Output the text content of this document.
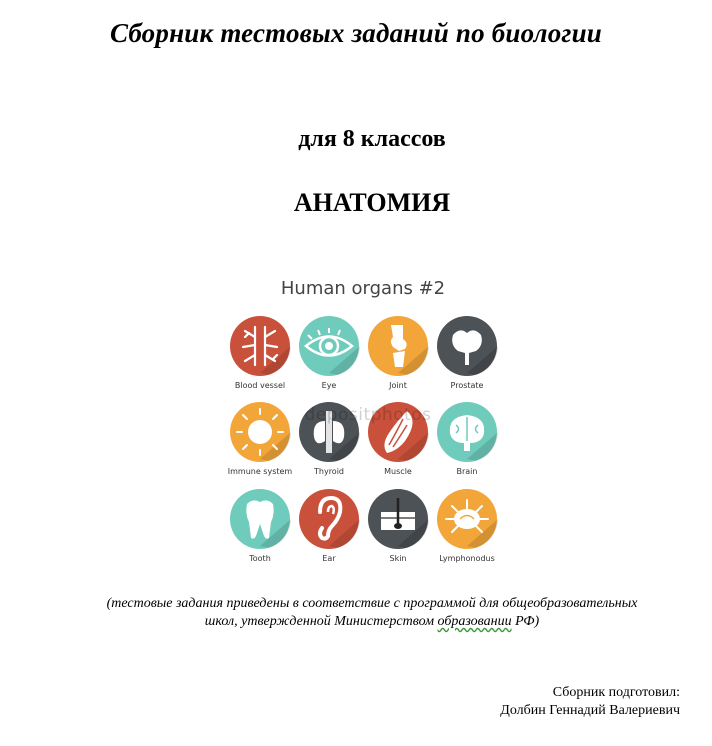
Сборник тестовых заданий по биологии
для 8 классов
АНАТОМИЯ
Human organs #2
Blood vessel	Eye	Joint	Prostate
Immune system	Thyroid	Muscle	Brain
Tooth	Ear	Skin	Lymphonodus
depositphotos
(тестовые задания приведены в соответствие с программой для общеобразовательных
школ, утвержденной Министерством образовании РФ)
Сборник подготовил:
Долбин Геннадий Валериевич
